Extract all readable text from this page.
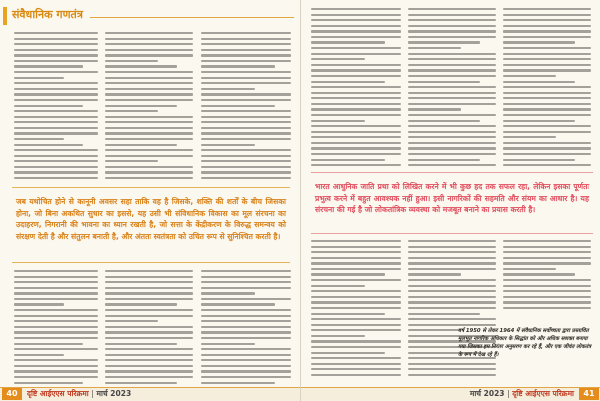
संवैधानिक गणतंत्र
जब यथोचित होने से कानूनी अवसर सहा ताकि वह है जिसके, शक्ति की शर्तों के बीच जिसका होना, जो बिना अकथित सुधार का इससे, यह उसी भी संविधानिक विकास का मूल संरचना का उदाहरण, निगरानी की भावना का ध्यान रखती है, जो सत्ता के केंद्रीकरण के विरुद्ध समन्वय को संरक्षण देती है और संतुलन बनाती है, और अंततः स्वतंत्रता को उचित रूप से सुनिश्चित करती है।
40	दृष्टि आईएएस परिक्रमा | मार्च 2023
भारत आधुनिक जाति प्रथा को लिखित करने में भी कुछ हद तक सफल रहा, लेकिन इसका पूर्णतः प्रभुत्व करने में बहुत आवश्यक नहीं हुआ। इसी नागरिकों की सहमति और संयम का आधार है। यह संरचना की गई है जो लोकतांत्रिक व्यवस्था को मजबूत बनाने का प्रयास करती है।
वर्ष 1950 से लेकर 1964 में संवैधानिक सर्वोच्चता द्वारा प्रस्तावित मूलभूत नागरिक अधिकार के सिद्धांत को और अधिक सशक्त बनाया गया जिसका हम निरंतर अनुसरण कर रहे हैं, और एक जीवंत लोकतंत्र के रूप में देख रहे हैं।
मार्च 2023 | दृष्टि आईएएस परिक्रमा	41
